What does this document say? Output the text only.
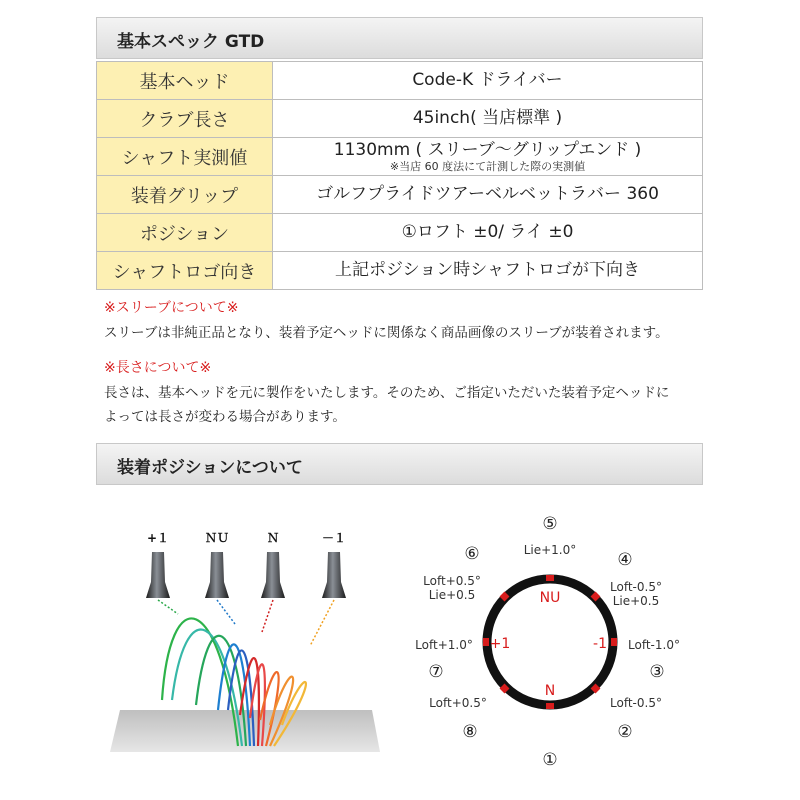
基本スペック GTD
基本ヘッド	Code-K ドライバー

クラブ長さ	45inch( 当店標準 )

シャフト実測値	1130mm ( スリーブ～グリップエンド )
※当店 60 度法にて計測した際の実測値

装着グリップ	ゴルフプライドツアーベルベットラバー 360

ポジション	①ロフト ±0/ ライ ±0

シャフトロゴ向き	上記ポジション時シャフトロゴが下向き
※スリーブについて※
スリーブは非純正品となり、装着予定ヘッドに関係なく商品画像のスリーブが装着されます。
※長さについて※
長さは、基本ヘッドを元に製作をいたします。そのため、ご指定いただいた装着予定ヘッドに
よっては長さが変わる場合があります。
装着ポジションについて
+１	ＮＵ	Ｎ	－１
NU
N
+1	-1
⑤
Lie+1.0° ④
Loft-0.5°
Lie+0.5
Loft-1.0°
③
Loft-0.5°
②
①
Loft+0.5°
⑧
Loft+1.0°
⑦
⑥
Loft+0.5°
Lie+0.5
